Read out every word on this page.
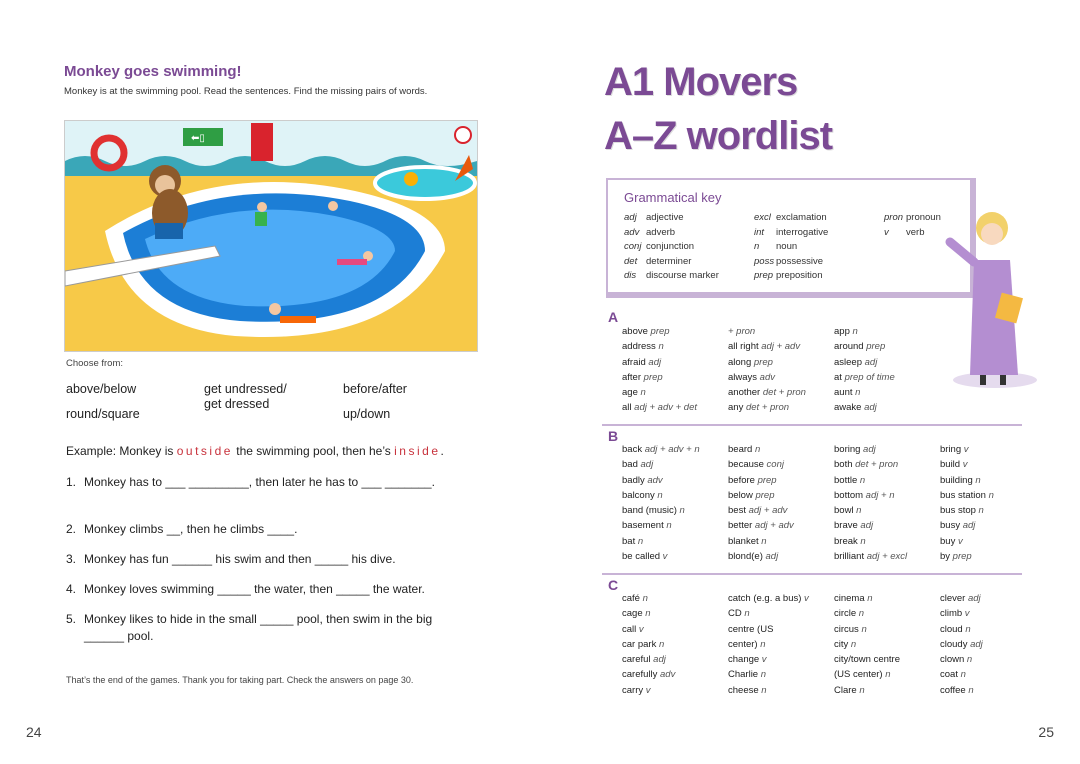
Monkey goes swimming!
Monkey is at the swimming pool. Read the sentences. Find the missing pairs of words.
⬅▯
Choose from:
above/below
round/square
get undressed/
get dressed
before/after
up/down
Example: Monkey is outside the swimming pool, then he’s inside.
1. Monkey has to ___ _________, then later he has to ___ _______.
2. Monkey climbs __, then he climbs ____.
3. Monkey has fun ______ his swim and then _____ his dive.
4. Monkey loves swimming _____ the water, then _____ the water.
5. Monkey likes to hide in the small _____ pool, then swim in the big ______ pool.
That’s the end of the games. Thank you for taking part. Check the answers on page 30.
24
A1 Movers
A–Z wordlist
Grammatical key
adj adjective
adv adverb
conj conjunction
det determiner
dis discourse marker
excl exclamation
int interrogative
n noun
poss possessive
prep preposition
pron pronoun
v verb
A
above prep
address n
afraid adj
after prep
age n
all adj + adv + det
+ pron
all right adj + adv
along prep
always adv
another det + pron
any det + pron
app n
around prep
asleep adj
at prep of time
aunt n
awake adj
B
back adj + adv + n
bad adj
badly adv
balcony n
band (music) n
basement n
bat n
be called v
beard n
because conj
before prep
below prep
best adj + adv
better adj + adv
blanket n
blond(e) adj
boring adj
both det + pron
bottle n
bottom adj + n
bowl n
brave adj
break n
brilliant adj + excl
bring v
build v
building n
bus station n
bus stop n
busy adj
buy v
by prep
C
café n
cage n
call v
car park n
careful adj
carefully adv
carry v
catch (e.g. a bus) v
CD n
centre (US
center) n
change v
Charlie n
cheese n
cinema n
circle n
circus n
city n
city/town centre
(US center) n
Clare n
clever adj
climb v
cloud n
cloudy adj
clown n
coat n
coffee n
25
